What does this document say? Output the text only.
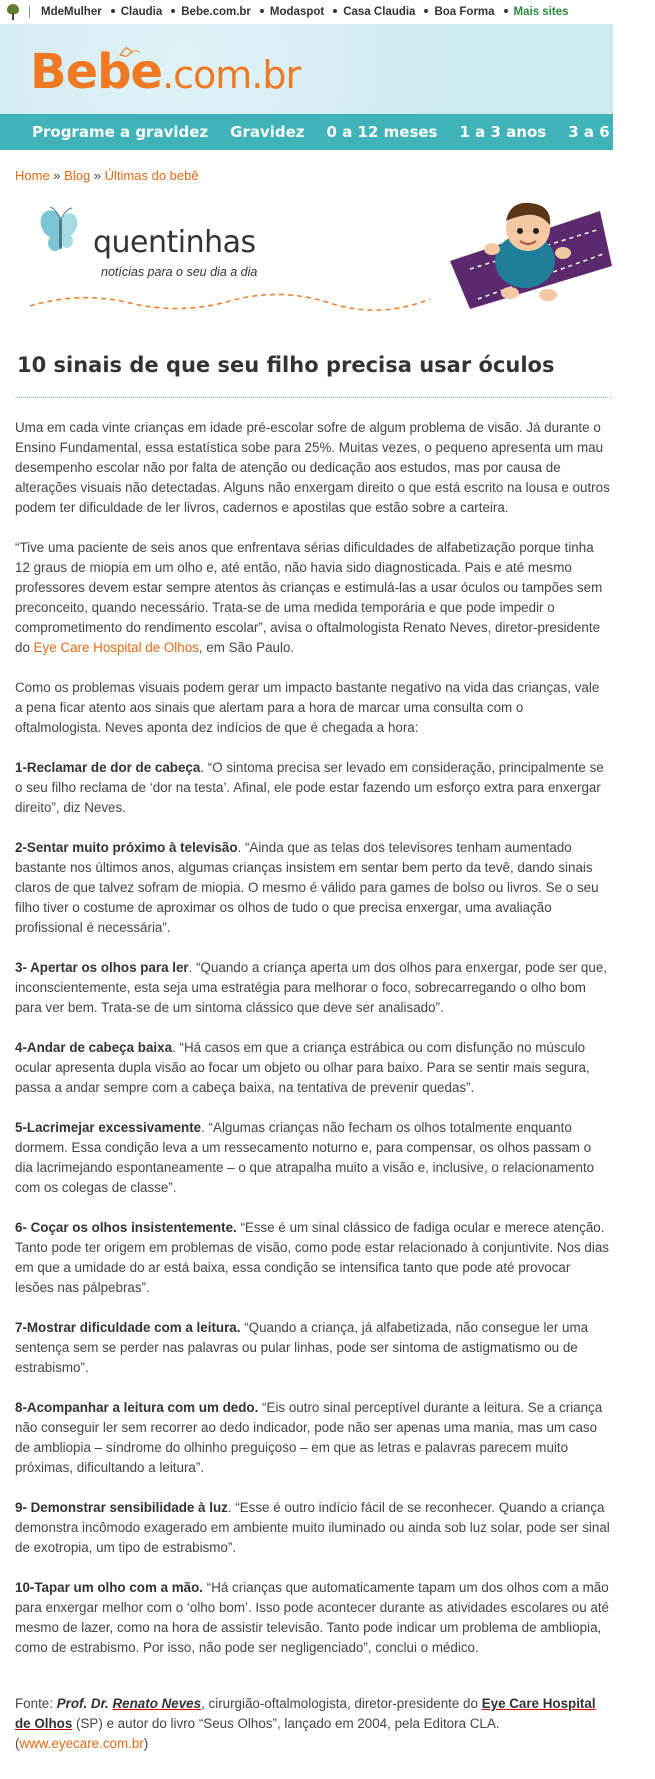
| MdeMulher Claudia Bebe.com.br Modaspot Casa Claudia Boa Forma Mais sites
Bebe.com.br
Programe a gravidez Gravidez 0 a 12 meses 1 a 3 anos 3 a 6 anos
Home » Blog » Últimas do bebê
quentinhas
notícias para o seu dia a dia
10 sinais de que seu filho precisa usar óculos

Uma em cada vinte crianças em idade pré-escolar sofre de algum problema de visão. Já durante o Ensino Fundamental, essa estatística sobe para 25%. Muitas vezes, o pequeno apresenta um mau desempenho escolar não por falta de atenção ou dedicação aos estudos, mas por causa de alterações visuais não detectadas. Alguns não enxergam direito o que está escrito na lousa e outros podem ter dificuldade de ler livros, cadernos e apostilas que estão sobre a carteira.

“Tive uma paciente de seis anos que enfrentava sérias dificuldades de alfabetização porque tinha 12 graus de miopia em um olho e, até então, não havia sido diagnosticada. Pais e até mesmo professores devem estar sempre atentos às crianças e estimulá-las a usar óculos ou tampões sem preconceito, quando necessário. Trata-se de uma medida temporária e que pode impedir o comprometimento do rendimento escolar”, avisa o oftalmologista Renato Neves, diretor-presidente do Eye Care Hospital de Olhos, em São Paulo.

Como os problemas visuais podem gerar um impacto bastante negativo na vida das crianças, vale a pena ficar atento aos sinais que alertam para a hora de marcar uma consulta com o oftalmologista. Neves aponta dez indícios de que é chegada a hora:

1-Reclamar de dor de cabeça. “O sintoma precisa ser levado em consideração, principalmente se o seu filho reclama de ‘dor na testa’. Afinal, ele pode estar fazendo um esforço extra para enxergar direito”, diz Neves.

2-Sentar muito próximo à televisão. “Ainda que as telas dos televisores tenham aumentado bastante nos últimos anos, algumas crianças insistem em sentar bem perto da tevê, dando sinais claros de que talvez sofram de miopia. O mesmo é válido para games de bolso ou livros. Se o seu filho tiver o costume de aproximar os olhos de tudo o que precisa enxergar, uma avaliação profissional é necessária”.

3- Apertar os olhos para ler. “Quando a criança aperta um dos olhos para enxergar, pode ser que, inconscientemente, esta seja uma estratégia para melhorar o foco, sobrecarregando o olho bom para ver bem. Trata-se de um sintoma clássico que deve ser analisado”.

4-Andar de cabeça baixa. “Há casos em que a criança estrábica ou com disfunção no músculo ocular apresenta dupla visão ao focar um objeto ou olhar para baixo. Para se sentir mais segura, passa a andar sempre com a cabeça baixa, na tentativa de prevenir quedas”.

5-Lacrimejar excessivamente. “Algumas crianças não fecham os olhos totalmente enquanto dormem. Essa condição leva a um ressecamento noturno e, para compensar, os olhos passam o dia lacrimejando espontaneamente – o que atrapalha muito a visão e, inclusive, o relacionamento com os colegas de classe”.

6- Coçar os olhos insistentemente. “Esse é um sinal clássico de fadiga ocular e merece atenção. Tanto pode ter origem em problemas de visão, como pode estar relacionado à conjuntivite. Nos dias em que a umidade do ar está baixa, essa condição se intensifica tanto que pode até provocar lesões nas pálpebras”.

7-Mostrar dificuldade com a leitura. “Quando a criança, já alfabetizada, não consegue ler uma sentença sem se perder nas palavras ou pular linhas, pode ser sintoma de astigmatismo ou de estrabismo”.

8-Acompanhar a leitura com um dedo. “Eis outro sinal perceptível durante a leitura. Se a criança não conseguir ler sem recorrer ao dedo indicador, pode não ser apenas uma mania, mas um caso de ambliopia – síndrome do olhinho preguiçoso – em que as letras e palavras parecem muito próximas, dificultando a leitura”.

9- Demonstrar sensibilidade à luz. “Esse é outro indício fácil de se reconhecer. Quando a criança demonstra incômodo exagerado em ambiente muito iluminado ou ainda sob luz solar, pode ser sinal de exotropia, um tipo de estrabismo”.

10-Tapar um olho com a mão. “Há crianças que automaticamente tapam um dos olhos com a mão para enxergar melhor com o ‘olho bom’. Isso pode acontecer durante as atividades escolares ou até mesmo de lazer, como na hora de assistir televisão. Tanto pode indicar um problema de ambliopia, como de estrabismo. Por isso, não pode ser negligenciado”, conclui o médico.

Fonte: Prof. Dr. Renato Neves, cirurgião-oftalmologista, diretor-presidente do Eye Care Hospital de Olhos (SP) e autor do livro “Seus Olhos”, lançado em 2004, pela Editora CLA. (www.eyecare.com.br)
